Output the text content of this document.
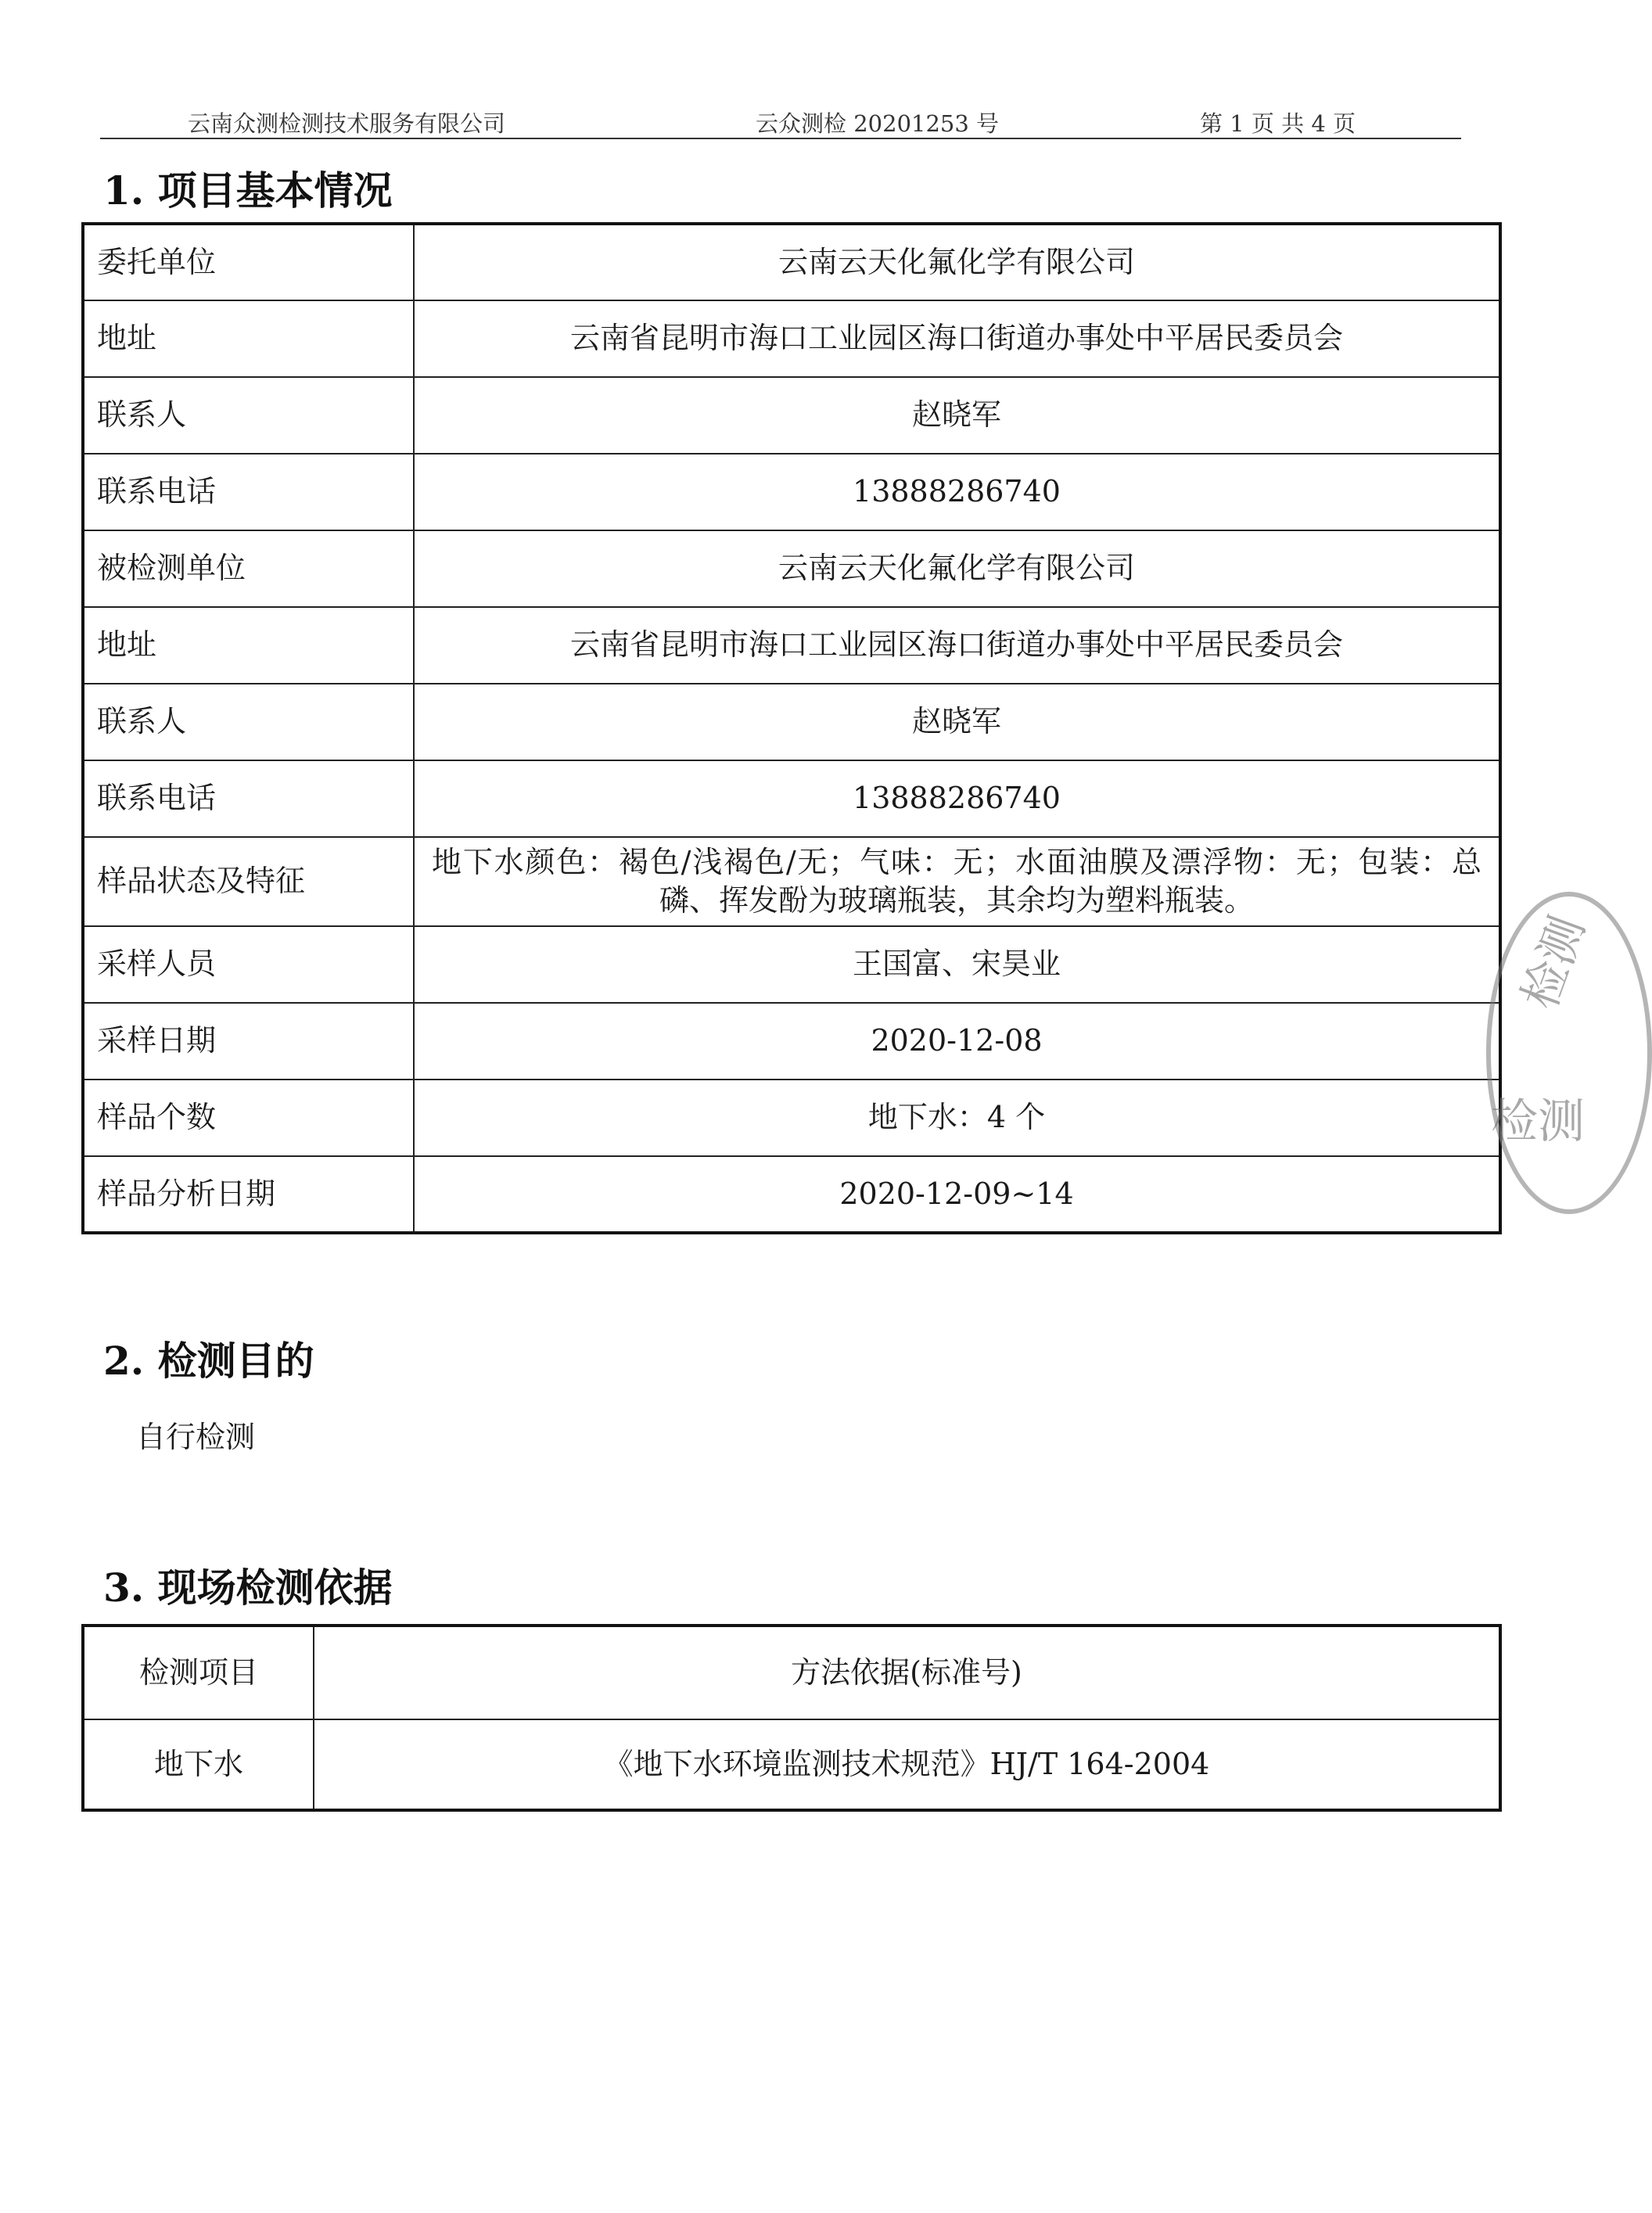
云南众测检测技术服务有限公司	云众测检 20201253 号	第 1 页 共 4 页
1. 项目基本情况
委托单位	云南云天化氟化学有限公司
地址	云南省昆明市海口工业园区海口街道办事处中平居民委员会
联系人	赵晓军
联系电话	13888286740
被检测单位	云南云天化氟化学有限公司
地址	云南省昆明市海口工业园区海口街道办事处中平居民委员会
联系人	赵晓军
联系电话	13888286740
样品状态及特征	地下水颜色：褐色/浅褐色/无；气味：无；水面油膜及漂浮物：无；包装：总磷、挥发酚为玻璃瓶装，其余均为塑料瓶装。
采样人员	王国富、宋昊业
采样日期	2020-12-08
样品个数	地下水：4 个
样品分析日期	2020-12-09~14
2. 检测目的
自行检测
3. 现场检测依据
检测项目	方法依据(标准号)
地下水	《地下水环境监测技术规范》HJ/T 164-2004
检测
检测
